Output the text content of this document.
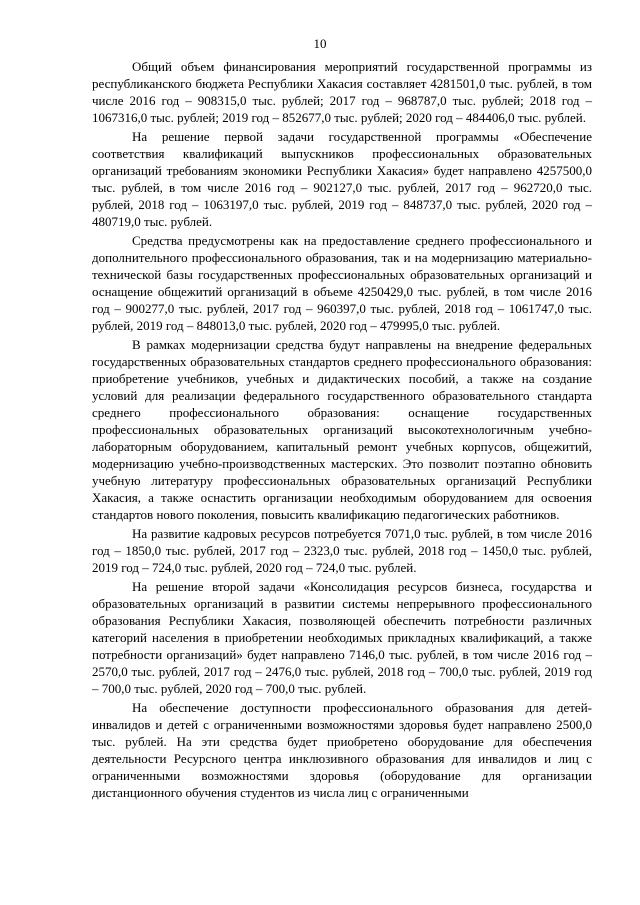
10

Общий объем финансирования мероприятий государственной программы из республиканского бюджета Республики Хакасия составляет 4281501,0 тыс. рублей, в том числе 2016 год – 908315,0 тыс. рублей; 2017 год – 968787,0 тыс. рублей; 2018 год – 1067316,0 тыс. рублей; 2019 год – 852677,0 тыс. рублей; 2020 год – 484406,0 тыс. рублей.

На решение первой задачи государственной программы «Обеспечение соответствия квалификаций выпускников профессиональных образовательных организаций требованиям экономики Республики Хакасия» будет направлено 4257500,0 тыс. рублей, в том числе 2016 год – 902127,0 тыс. рублей, 2017 год – 962720,0 тыс. рублей, 2018 год – 1063197,0 тыс. рублей, 2019 год – 848737,0 тыс. рублей, 2020 год – 480719,0 тыс. рублей.

Средства предусмотрены как на предоставление среднего профессионального и дополнительного профессионального образования, так и на модернизацию материально-технической базы государственных профессиональных образовательных организаций и оснащение общежитий организаций в объеме 4250429,0 тыс. рублей, в том числе 2016 год – 900277,0 тыс. рублей, 2017 год – 960397,0 тыс. рублей, 2018 год – 1061747,0 тыс. рублей, 2019 год – 848013,0 тыс. рублей, 2020 год – 479995,0 тыс. рублей.

В рамках модернизации средства будут направлены на внедрение федеральных государственных образовательных стандартов среднего профессионального образования: приобретение учебников, учебных и дидактических пособий, а также на создание условий для реализации федерального государственного образовательного стандарта среднего профессионального образования: оснащение государственных профессиональных образовательных организаций высокотехнологичным учебно-лабораторным оборудованием, капитальный ремонт учебных корпусов, общежитий, модернизацию учебно-производственных мастерских. Это позволит поэтапно обновить учебную литературу профессиональных образовательных организаций Республики Хакасия, а также оснастить организации необходимым оборудованием для освоения стандартов нового поколения, повысить квалификацию педагогических работников.

На развитие кадровых ресурсов потребуется 7071,0 тыс. рублей, в том числе 2016 год – 1850,0 тыс. рублей, 2017 год – 2323,0 тыс. рублей, 2018 год – 1450,0 тыс. рублей, 2019 год – 724,0 тыс. рублей, 2020 год – 724,0 тыс. рублей.

На решение второй задачи «Консолидация ресурсов бизнеса, государства и образовательных организаций в развитии системы непрерывного профессионального образования Республики Хакасия, позволяющей обеспечить потребности различных категорий населения в приобретении необходимых прикладных квалификаций, а также потребности организаций» будет направлено 7146,0 тыс. рублей, в том числе 2016 год – 2570,0 тыс. рублей, 2017 год – 2476,0 тыс. рублей, 2018 год – 700,0 тыс. рублей, 2019 год – 700,0 тыс. рублей, 2020 год – 700,0 тыс. рублей.

На обеспечение доступности профессионального образования для детей-инвалидов и детей с ограниченными возможностями здоровья будет направлено 2500,0 тыс. рублей. На эти средства будет приобретено оборудование для обеспечения деятельности Ресурсного центра инклюзивного образования для инвалидов и лиц с ограниченными возможностями здоровья (оборудование для организации дистанционного обучения студентов из числа лиц с ограниченными
